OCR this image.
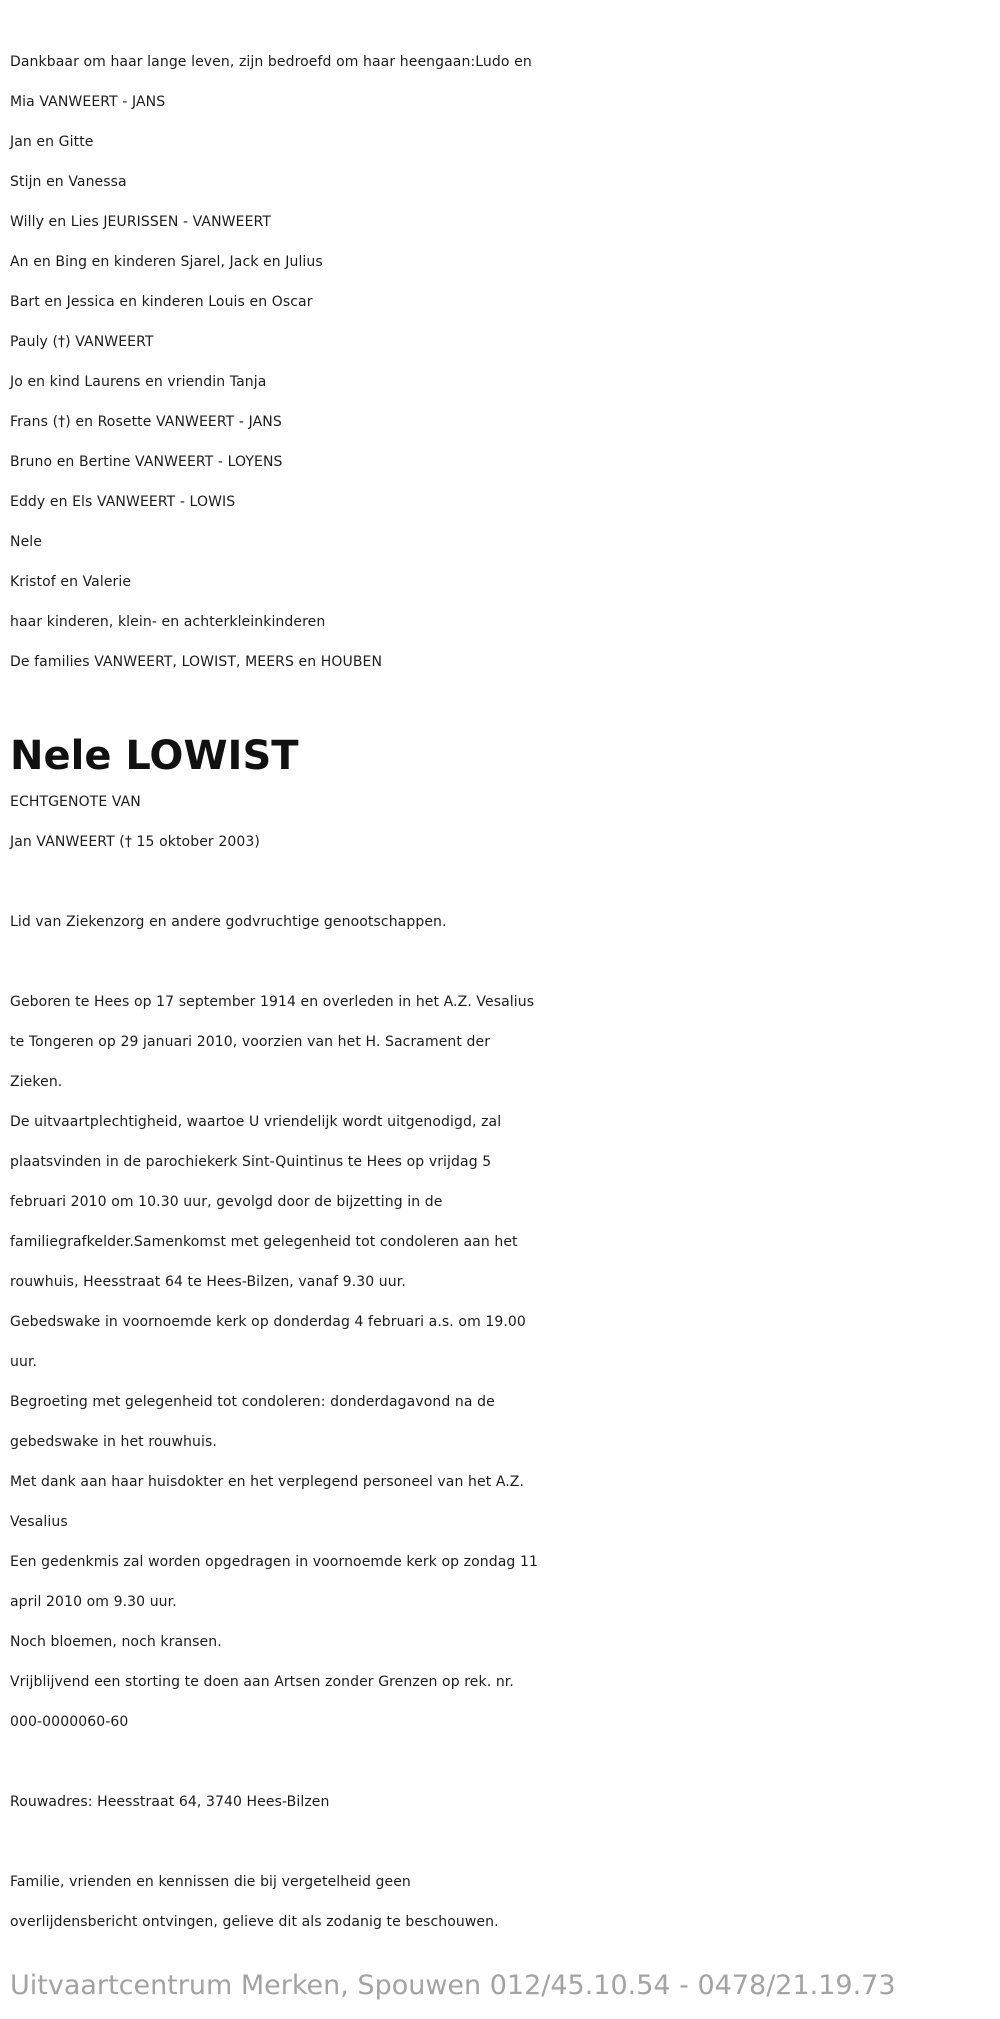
Dankbaar om haar lange leven, zijn bedroefd om haar heengaan:Ludo en
Mia VANWEERT - JANS
Jan en Gitte
Stijn en Vanessa
Willy en Lies JEURISSEN - VANWEERT
An en Bing en kinderen Sjarel, Jack en Julius
Bart en Jessica en kinderen Louis en Oscar
Pauly (†) VANWEERT
Jo en kind Laurens en vriendin Tanja
Frans (†) en Rosette VANWEERT - JANS
Bruno en Bertine VANWEERT - LOYENS
Eddy en Els VANWEERT - LOWIS
Nele
Kristof en Valerie
haar kinderen, klein- en achterkleinkinderen
De families VANWEERT, LOWIST, MEERS en HOUBEN
Nele LOWIST
ECHTGENOTE VAN
Jan VANWEERT († 15 oktober 2003)
Lid van Ziekenzorg en andere godvruchtige genootschappen.
Geboren te Hees op 17 september 1914 en overleden in het A.Z. Vesalius
te Tongeren op 29 januari 2010, voorzien van het H. Sacrament der
Zieken.
De uitvaartplechtigheid, waartoe U vriendelijk wordt uitgenodigd, zal
plaatsvinden in de parochiekerk Sint-Quintinus te Hees op vrijdag 5
februari 2010 om 10.30 uur, gevolgd door de bijzetting in de
familiegrafkelder.Samenkomst met gelegenheid tot condoleren aan het
rouwhuis, Heesstraat 64 te Hees-Bilzen, vanaf 9.30 uur.
Gebedswake in voornoemde kerk op donderdag 4 februari a.s. om 19.00
uur.
Begroeting met gelegenheid tot condoleren: donderdagavond na de
gebedswake in het rouwhuis.
Met dank aan haar huisdokter en het verplegend personeel van het A.Z.
Vesalius
Een gedenkmis zal worden opgedragen in voornoemde kerk op zondag 11
april 2010 om 9.30 uur.
Noch bloemen, noch kransen.
Vrijblijvend een storting te doen aan Artsen zonder Grenzen op rek. nr.
000-0000060-60
Rouwadres: Heesstraat 64, 3740 Hees-Bilzen
Familie, vrienden en kennissen die bij vergetelheid geen
overlijdensbericht ontvingen, gelieve dit als zodanig te beschouwen.
Uitvaartcentrum Merken, Spouwen 012/45.10.54 - 0478/21.19.73
